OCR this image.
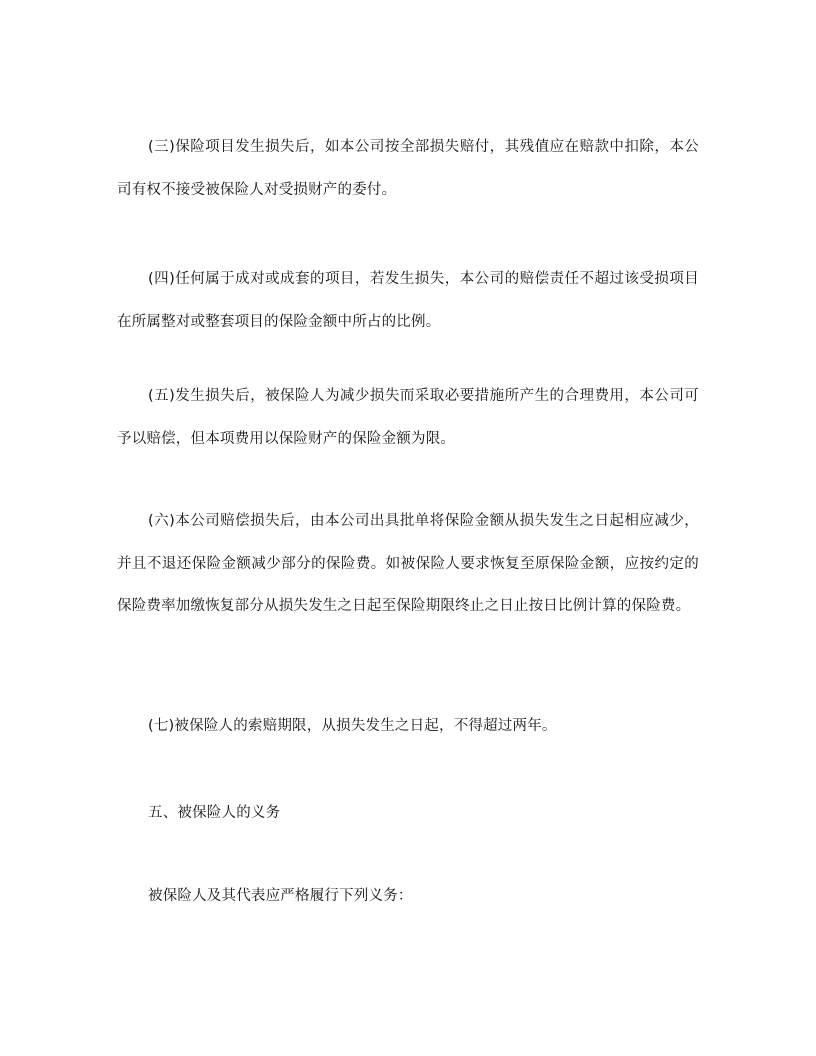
(三)保险项目发生损失后，如本公司按全部损失赔付，其残值应在赔款中扣除，本公司有权不接受被保险人对受损财产的委付。

(四)任何属于成对或成套的项目，若发生损失，本公司的赔偿责任不超过该受损项目在所属整对或整套项目的保险金额中所占的比例。

(五)发生损失后，被保险人为减少损失而采取必要措施所产生的合理费用，本公司可予以赔偿，但本项费用以保险财产的保险金额为限。

(六)本公司赔偿损失后，由本公司出具批单将保险金额从损失发生之日起相应减少，并且不退还保险金额减少部分的保险费。如被保险人要求恢复至原保险金额，应按约定的保险费率加缴恢复部分从损失发生之日起至保险期限终止之日止按日比例计算的保险费。

(七)被保险人的索赔期限，从损失发生之日起，不得超过两年。

五、被保险人的义务

被保险人及其代表应严格履行下列义务：
